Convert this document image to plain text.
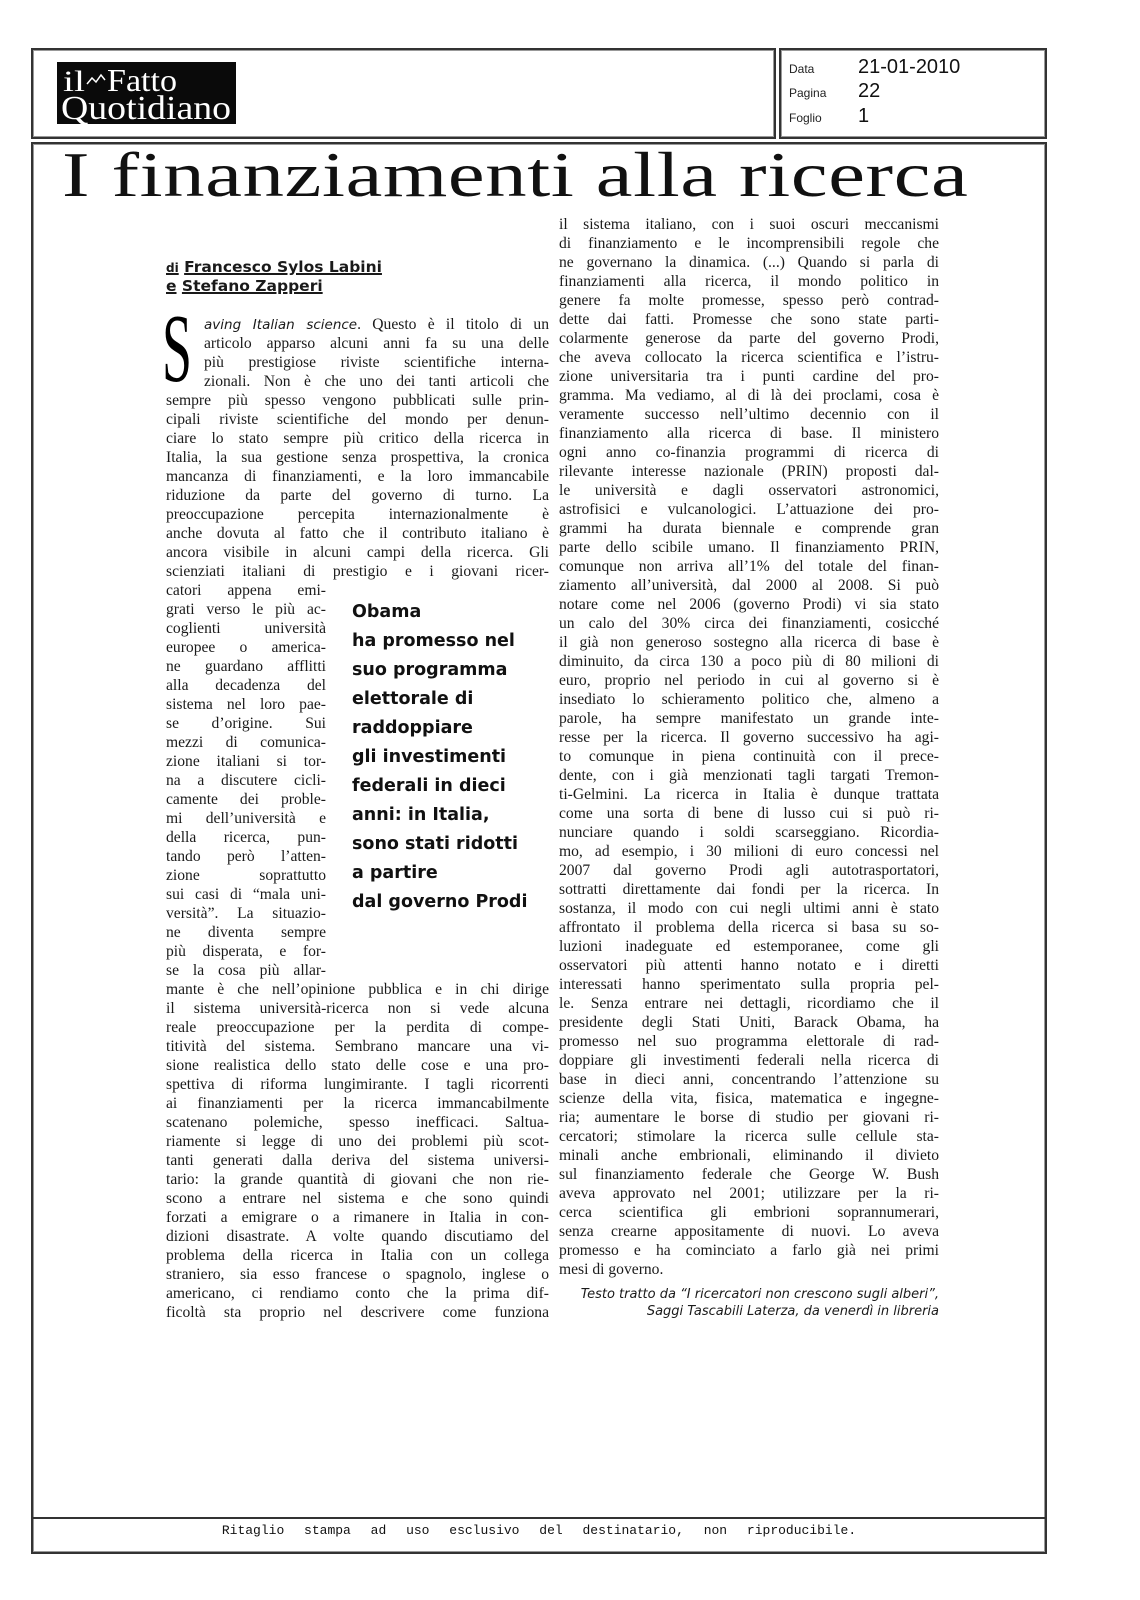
il Fatto
Quotidiano
Data	21-01-2010
Pagina	22
Foglio	1
I finanziamenti alla ricerca
di Francesco Sylos Labini
e Stefano Zapperi
S aving Italian science. Questo è il titolo di un
articolo apparso alcuni anni fa su una delle
più prestigiose riviste scientifiche interna-
zionali. Non è che uno dei tanti articoli che
sempre più spesso vengono pubblicati sulle prin-
cipali riviste scientifiche del mondo per denun-
ciare lo stato sempre più critico della ricerca in
Italia, la sua gestione senza prospettiva, la cronica
mancanza di finanziamenti, e la loro immancabile
riduzione da parte del governo di turno. La
preoccupazione percepita internazionalmente è
anche dovuta al fatto che il contributo italiano è
ancora visibile in alcuni campi della ricerca. Gli
scienziati italiani di prestigio e i giovani ricer-
catori appena emi-
grati verso le più ac-
coglienti università
europee o america-
ne guardano afflitti
alla decadenza del
sistema nel loro pae-
se d’origine. Sui
mezzi di comunica-
zione italiani si tor-
na a discutere cicli-
camente dei proble-
mi dell’università e
della ricerca, pun-
tando però l’atten-
zione soprattutto
sui casi di “mala uni-
versità”. La situazio-
ne diventa sempre
più disperata, e for-
se la cosa più allar-
mante è che nell’opinione pubblica e in chi dirige
il sistema università-ricerca non si vede alcuna
reale preoccupazione per la perdita di compe-
titività del sistema. Sembrano mancare una vi-
sione realistica dello stato delle cose e una pro-
spettiva di riforma lungimirante. I tagli ricorrenti
ai finanziamenti per la ricerca immancabilmente
scatenano polemiche, spesso inefficaci. Saltua-
riamente si legge di uno dei problemi più scot-
tanti generati dalla deriva del sistema universi-
tario: la grande quantità di giovani che non rie-
scono a entrare nel sistema e che sono quindi
forzati a emigrare o a rimanere in Italia in con-
dizioni disastrate. A volte quando discutiamo del
problema della ricerca in Italia con un collega
straniero, sia esso francese o spagnolo, inglese o
americano, ci rendiamo conto che la prima dif-
ficoltà sta proprio nel descrivere come funziona
il sistema italiano, con i suoi oscuri meccanismi
di finanziamento e le incomprensibili regole che
ne governano la dinamica. (...) Quando si parla di
finanziamenti alla ricerca, il mondo politico in
genere fa molte promesse, spesso però contrad-
dette dai fatti. Promesse che sono state parti-
colarmente generose da parte del governo Prodi,
che aveva collocato la ricerca scientifica e l’istru-
zione universitaria tra i punti cardine del pro-
gramma. Ma vediamo, al di là dei proclami, cosa è
veramente successo nell’ultimo decennio con il
finanziamento alla ricerca di base. Il ministero
ogni anno co-finanzia programmi di ricerca di
rilevante interesse nazionale (PRIN) proposti dal-
le università e dagli osservatori astronomici,
astrofisici e vulcanologici. L’attuazione dei pro-
grammi ha durata biennale e comprende gran
parte dello scibile umano. Il finanziamento PRIN,
comunque non arriva all’1% del totale del finan-
ziamento all’università, dal 2000 al 2008. Si può
notare come nel 2006 (governo Prodi) vi sia stato
un calo del 30% circa dei finanziamenti, cosicché
il già non generoso sostegno alla ricerca di base è
diminuito, da circa 130 a poco più di 80 milioni di
euro, proprio nel periodo in cui al governo si è
insediato lo schieramento politico che, almeno a
parole, ha sempre manifestato un grande inte-
resse per la ricerca. Il governo successivo ha agi-
to comunque in piena continuità con il prece-
dente, con i già menzionati tagli targati Tremon-
ti-Gelmini. La ricerca in Italia è dunque trattata
come una sorta di bene di lusso cui si può ri-
nunciare quando i soldi scarseggiano. Ricordia-
mo, ad esempio, i 30 milioni di euro concessi nel
2007 dal governo Prodi agli autotrasportatori,
sottratti direttamente dai fondi per la ricerca. In
sostanza, il modo con cui negli ultimi anni è stato
affrontato il problema della ricerca si basa su so-
luzioni inadeguate ed estemporanee, come gli
osservatori più attenti hanno notato e i diretti
interessati hanno sperimentato sulla propria pel-
le. Senza entrare nei dettagli, ricordiamo che il
presidente degli Stati Uniti, Barack Obama, ha
promesso nel suo programma elettorale di rad-
doppiare gli investimenti federali nella ricerca di
base in dieci anni, concentrando l’attenzione su
scienze della vita, fisica, matematica e ingegne-
ria; aumentare le borse di studio per giovani ri-
cercatori; stimolare la ricerca sulle cellule sta-
minali anche embrionali, eliminando il divieto
sul finanziamento federale che George W. Bush
aveva approvato nel 2001; utilizzare per la ri-
cerca scientifica gli embrioni soprannumerari,
senza crearne appositamente di nuovi. Lo aveva
promesso e ha cominciato a farlo già nei primi
mesi di governo.
Obama
ha promesso nel
suo programma
elettorale di
raddoppiare
gli investimenti
federali in dieci
anni: in Italia,
sono stati ridotti
a partire
dal governo Prodi
Testo tratto da “I ricercatori non crescono sugli alberi”,
Saggi Tascabili Laterza, da venerdì in libreria
Ritaglio stampa ad uso esclusivo del destinatario, non riproducibile.
